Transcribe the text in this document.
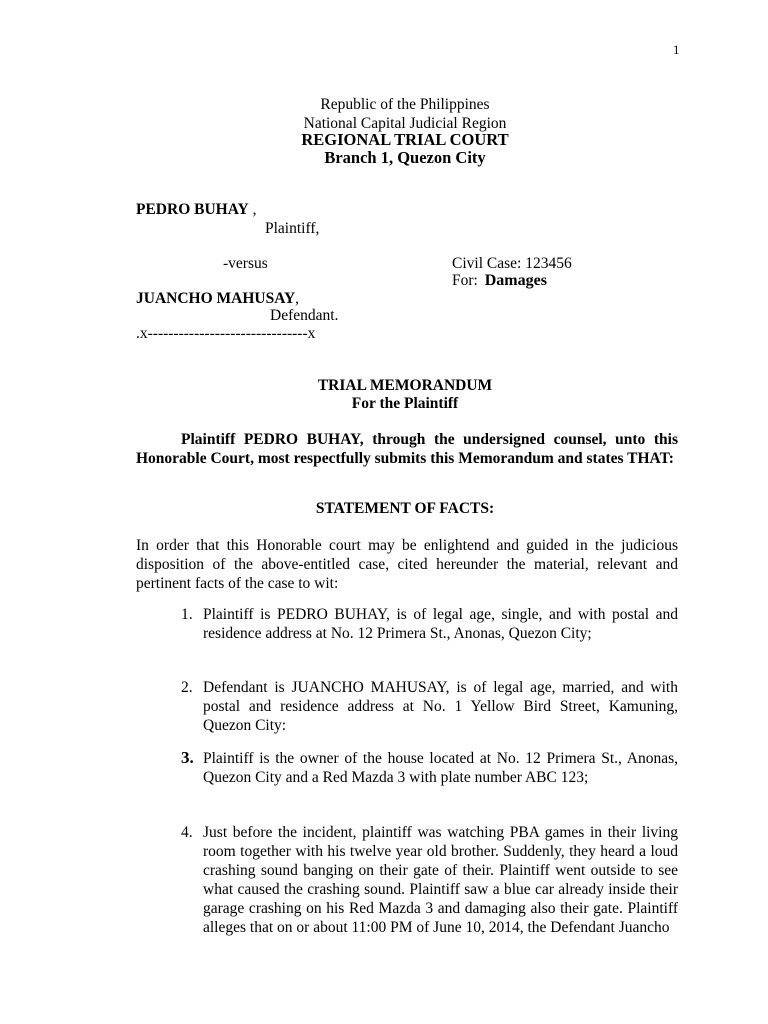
1
Republic of the Philippines
National Capital Judicial Region
REGIONAL TRIAL COURT
Branch 1, Quezon City
PEDRO BUHAY ,
Plaintiff,
-versus	Civil Case: 123456
For: Damages
JUANCHO MAHUSAY,
Defendant.
.x-------------------------------x
TRIAL MEMORANDUM
For the Plaintiff
Plaintiff PEDRO BUHAY, through the undersigned counsel, unto this Honorable Court, most respectfully submits this Memorandum and states THAT:
STATEMENT OF FACTS:
In order that this Honorable court may be enlightend and guided in the judicious disposition of the above-entitled case, cited hereunder the material, relevant and pertinent facts of the case to wit:
1. Plaintiff is PEDRO BUHAY, is of legal age, single, and with postal and residence address at No. 12 Primera St., Anonas, Quezon City;
2. Defendant is JUANCHO MAHUSAY, is of legal age, married, and with postal and residence address at No. 1 Yellow Bird Street, Kamuning, Quezon City:
3. Plaintiff is the owner of the house located at No. 12 Primera St., Anonas, Quezon City and a Red Mazda 3 with plate number ABC 123;
4. Just before the incident, plaintiff was watching PBA games in their living room together with his twelve year old brother. Suddenly, they heard a loud crashing sound banging on their gate of their. Plaintiff went outside to see what caused the crashing sound. Plaintiff saw a blue car already inside their garage crashing on his Red Mazda 3 and damaging also their gate. Plaintiff alleges that on or about 11:00 PM of June 10, 2014, the Defendant Juancho
